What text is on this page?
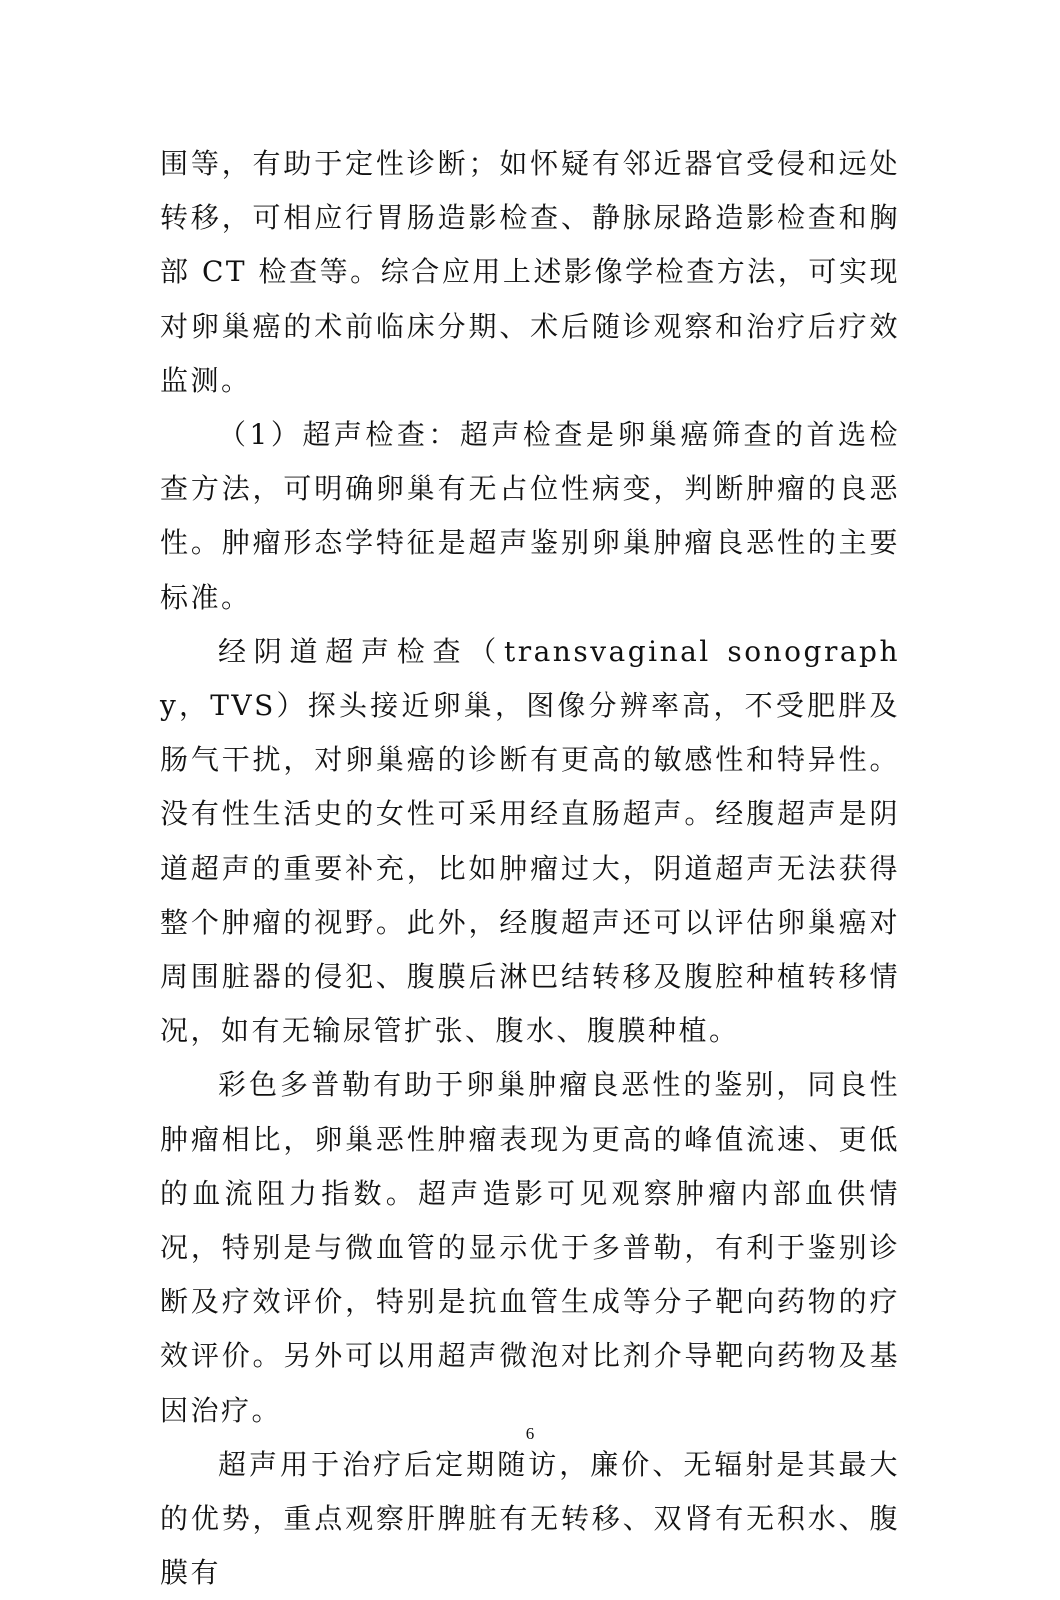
围等，有助于定性诊断；如怀疑有邻近器官受侵和远处转移，可相应行胃肠造影检查、静脉尿路造影检查和胸部 CT 检查等。综合应用上述影像学检查方法，可实现对卵巢癌的术前临床分期、术后随诊观察和治疗后疗效监测。

（1）超声检查：超声检查是卵巢癌筛查的首选检查方法，可明确卵巢有无占位性病变，判断肿瘤的良恶性。肿瘤形态学特征是超声鉴别卵巢肿瘤良恶性的主要标准。

经阴道超声检查（transvaginal sonography，TVS）探头接近卵巢，图像分辨率高，不受肥胖及肠气干扰，对卵巢癌的诊断有更高的敏感性和特异性。没有性生活史的女性可采用经直肠超声。经腹超声是阴道超声的重要补充，比如肿瘤过大，阴道超声无法获得整个肿瘤的视野。此外，经腹超声还可以评估卵巢癌对周围脏器的侵犯、腹膜后淋巴结转移及腹腔种植转移情况，如有无输尿管扩张、腹水、腹膜种植。

彩色多普勒有助于卵巢肿瘤良恶性的鉴别，同良性肿瘤相比，卵巢恶性肿瘤表现为更高的峰值流速、更低的血流阻力指数。超声造影可见观察肿瘤内部血供情况，特别是与微血管的显示优于多普勒，有利于鉴别诊断及疗效评价，特别是抗血管生成等分子靶向药物的疗效评价。另外可以用超声微泡对比剂介导靶向药物及基因治疗。

超声用于治疗后定期随访，廉价、无辐射是其最大的优势，重点观察肝脾脏有无转移、双肾有无积水、腹膜有

6
